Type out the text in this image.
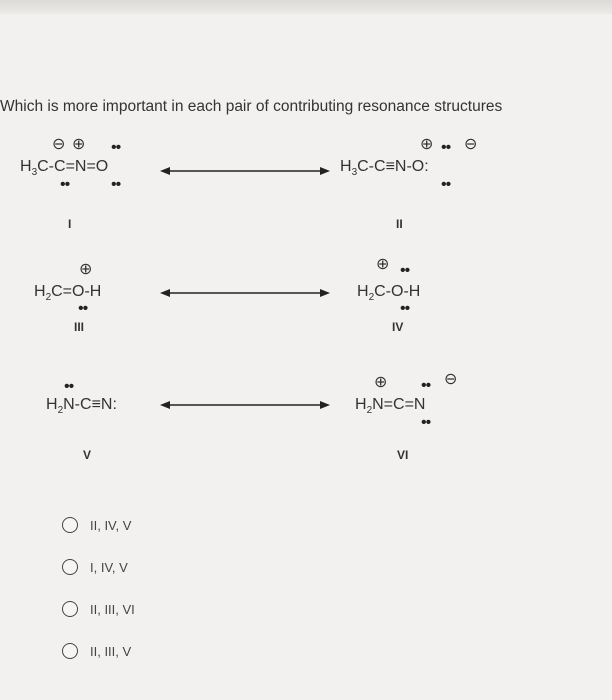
Which is more important in each pair of contributing resonance structures
$H_3C-C=N=O$
⊖ ⊕ ••
••	••
$H_3C-C\equiv N-O$:
⊕ •• ⊖
••
I	II
$H_2C=O-H$
⊕
••
$H_2C-O-H$
⊕ ••
••
III	IV
$H_2N-C\equiv N$:
••
$H_2N=C=N$
⊕ •• ⊖
••
V	VI
II, IV, V
I, IV, V
II, III, VI
II, III, V
